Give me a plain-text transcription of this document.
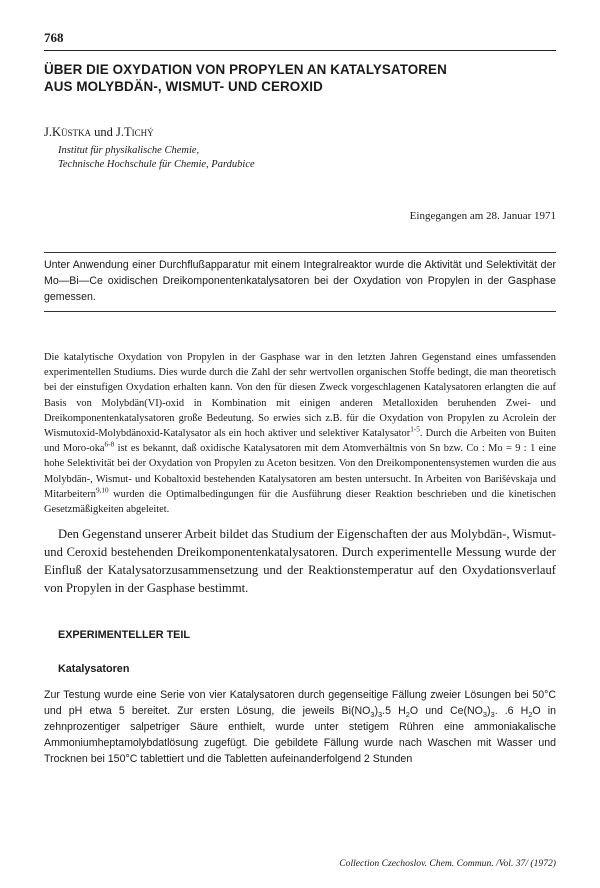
768

ÜBER DIE OXYDATION VON PROPYLEN AN KATALYSATOREN
AUS MOLYBDÄN-, WISMUT- UND CEROXID

J.Küstka und J.Tichý

Institut für physikalische Chemie,
Technische Hochschule für Chemie, Pardubice

Eingegangen am 28. Januar 1971

Unter Anwendung einer Durchflußapparatur mit einem Integralreaktor wurde die Aktivität und Selektivität der Mo—Bi—Ce oxidischen Dreikomponentenkatalysatoren bei der Oxydation von Propylen in der Gasphase gemessen.

Die katalytische Oxydation von Propylen in der Gasphase war in den letzten Jahren Gegenstand eines umfassenden experimentellen Studiums. Dies wurde durch die Zahl der sehr wertvollen organischen Stoffe bedingt, die man theoretisch bei der einstufigen Oxydation erhalten kann. Von den für diesen Zweck vorgeschlagenen Katalysatoren erlangten die auf Basis von Molybdän(VI)-oxid in Kombination mit einigen anderen Metalloxiden beruhenden Zwei- und Dreikomponentenkatalysatoren große Bedeutung. So erwies sich z.B. für die Oxydation von Propylen zu Acrolein der Wismutoxid-Molybdänoxid-Katalysator als ein hoch aktiver und selektiver Katalysator$^{1-5}$. Durch die Arbeiten von Buiten und Moro-oka$^{6-8}$ ist es bekannt, daß oxidische Katalysatoren mit dem Atomverhältnis von Sn bzw. Co : Mo = 9 : 1 eine hohe Selektivität bei der Oxydation von Propylen zu Aceton besitzen. Von den Dreikomponentensystemen wurden die aus Molybdän-, Wismut- und Kobaltoxid bestehenden Katalysatoren am besten untersucht. In Arbeiten von Barišėvskaja und Mitarbeitern$^{9,10}$ wurden die Optimalbedingungen für die Ausführung dieser Reaktion beschrieben und die kinetischen Gesetzmäßigkeiten abgeleitet.

Den Gegenstand unserer Arbeit bildet das Studium der Eigenschaften der aus Molybdän-, Wismut- und Ceroxid bestehenden Dreikomponentenkatalysatoren. Durch experimentelle Messung wurde der Einfluß der Katalysatorzusammensetzung und der Reaktionstemperatur auf den Oxydationsverlauf von Propylen in der Gasphase bestimmt.

EXPERIMENTELLER TEIL
Katalysatoren

Zur Testung wurde eine Serie von vier Katalysatoren durch gegenseitige Fällung zweier Lösungen bei 50°C und pH etwa 5 bereitet. Zur ersten Lösung, die jeweils $Bi(NO_3)_3.5$ $H_2O$ und $Ce(NO_3)_3$. .6 $H_2O$ in zehnprozentiger salpetriger Säure enthielt, wurde unter stetigem Rühren eine ammoniakalische Ammoniumheptamolybdatlösung zugefügt. Die gebildete Fällung wurde nach Waschen mit Wasser und Trocknen bei 150°C tablettiert und die Tabletten aufeinanderfolgend 2 Stunden

Collection Czechoslov. Chem. Commun. /Vol. 37/ (1972)
